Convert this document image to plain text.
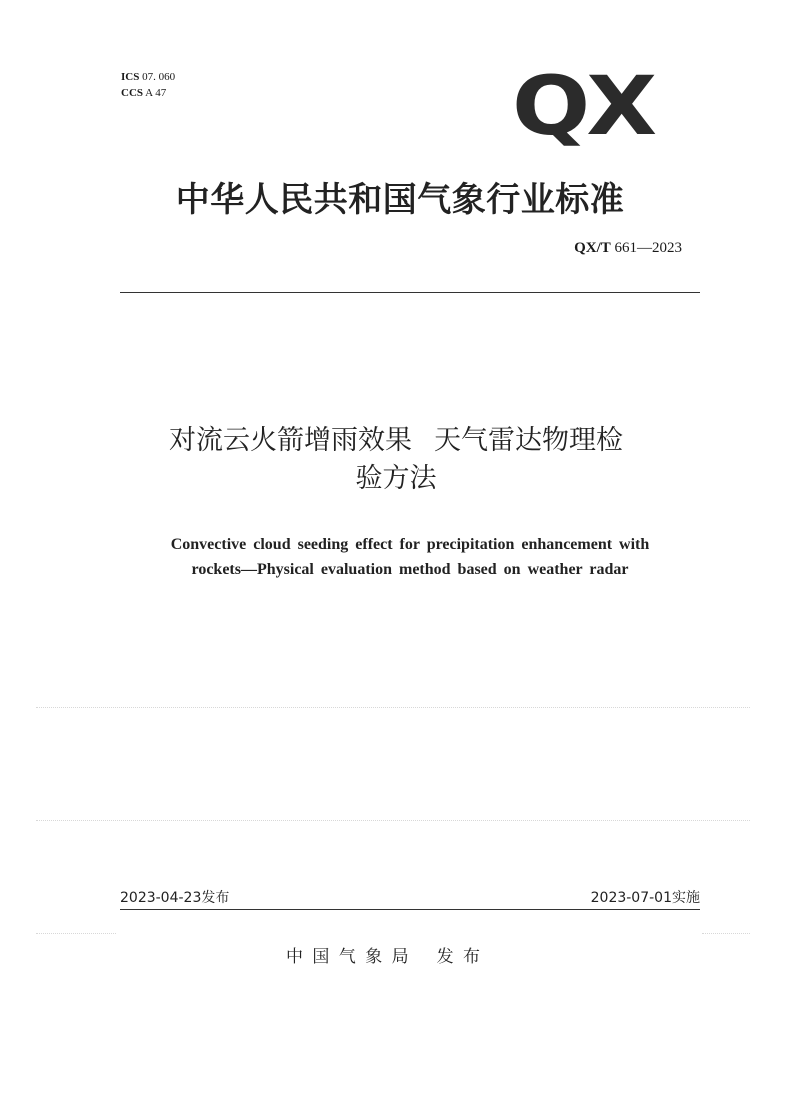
ICS 07. 060
CCS A 47	QX
中华人民共和国气象行业标准
QX/T 661—2023
对流云火箭增雨效果 天气雷达物理检
验方法
Convective cloud seeding effect for precipitation enhancement with
rockets—Physical evaluation method based on weather radar
2023-04-23发布	2023-07-01实施
中 国 气 象 局 发 布
